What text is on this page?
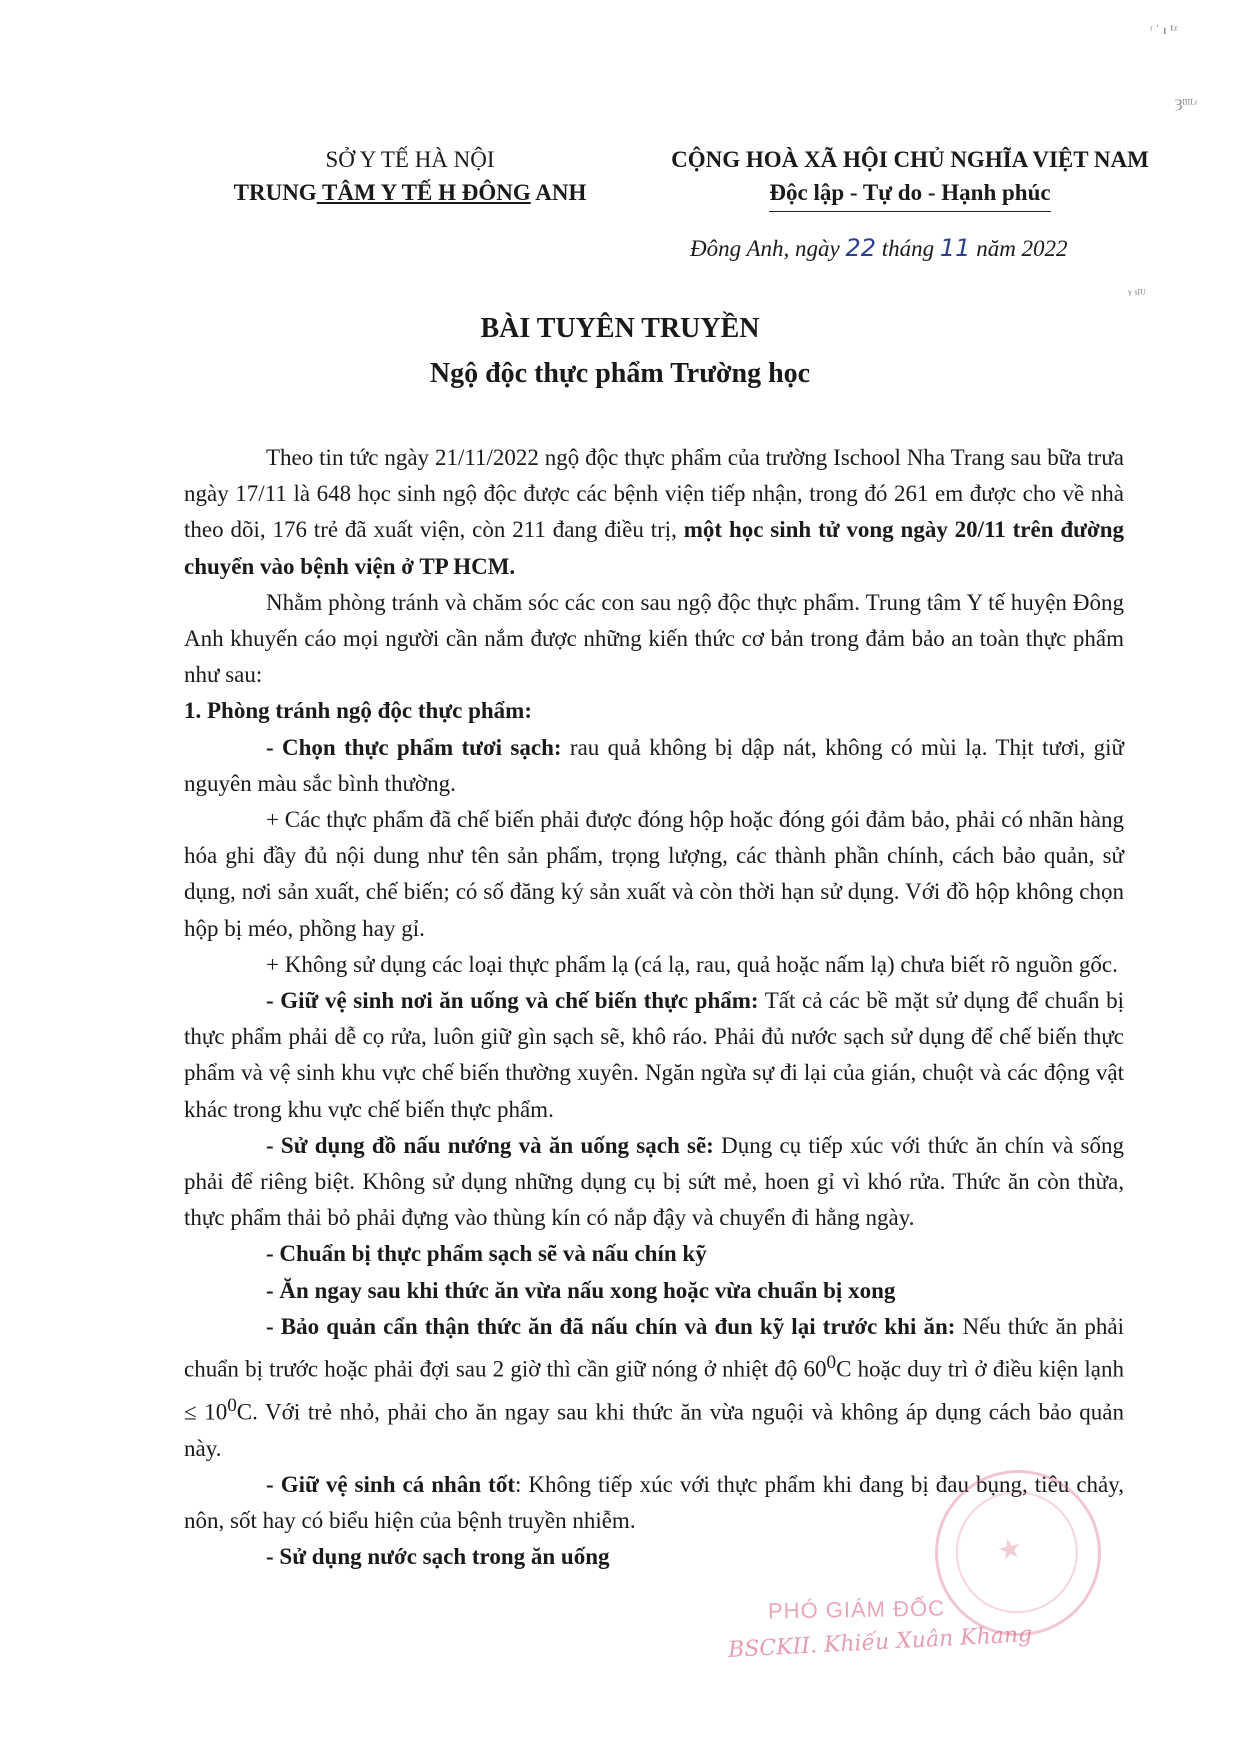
ᶦ ˈ ɪ ¹ᶻ
Ȝᴵᴵᴵᴸᶦ
ᵞ ˢᴵᵁ
SỞ Y TẾ HÀ NỘI
TRUNG TÂM Y TẾ H ĐÔNG ANH
CỘNG HOÀ XÃ HỘI CHỦ NGHĨA VIỆT NAM
Độc lập - Tự do - Hạnh phúc
Đông Anh, ngày 22 tháng 11 năm 2022
BÀI TUYÊN TRUYỀN
Ngộ độc thực phẩm Trường học

Theo tin tức ngày 21/11/2022 ngộ độc thực phẩm của trường Ischool Nha Trang sau bữa trưa ngày 17/11 là 648 học sinh ngộ độc được các bệnh viện tiếp nhận, trong đó 261 em được cho về nhà theo dõi, 176 trẻ đã xuất viện, còn 211 đang điều trị, một học sinh tử vong ngày 20/11 trên đường chuyển vào bệnh viện ở TP HCM.

Nhằm phòng tránh và chăm sóc các con sau ngộ độc thực phẩm. Trung tâm Y tế huyện Đông Anh khuyến cáo mọi người cần nắm được những kiến thức cơ bản trong đảm bảo an toàn thực phẩm như sau:

1. Phòng tránh ngộ độc thực phẩm:

- Chọn thực phẩm tươi sạch: rau quả không bị dập nát, không có mùi lạ. Thịt tươi, giữ nguyên màu sắc bình thường.

+ Các thực phẩm đã chế biến phải được đóng hộp hoặc đóng gói đảm bảo, phải có nhãn hàng hóa ghi đầy đủ nội dung như tên sản phẩm, trọng lượng, các thành phần chính, cách bảo quản, sử dụng, nơi sản xuất, chế biến; có số đăng ký sản xuất và còn thời hạn sử dụng. Với đồ hộp không chọn hộp bị méo, phồng hay gỉ.

+ Không sử dụng các loại thực phẩm lạ (cá lạ, rau, quả hoặc nấm lạ) chưa biết rõ nguồn gốc.

- Giữ vệ sinh nơi ăn uống và chế biến thực phẩm: Tất cả các bề mặt sử dụng để chuẩn bị thực phẩm phải dễ cọ rửa, luôn giữ gìn sạch sẽ, khô ráo. Phải đủ nước sạch sử dụng để chế biến thực phẩm và vệ sinh khu vực chế biến thường xuyên. Ngăn ngừa sự đi lại của gián, chuột và các động vật khác trong khu vực chế biến thực phẩm.

- Sử dụng đồ nấu nướng và ăn uống sạch sẽ: Dụng cụ tiếp xúc với thức ăn chín và sống phải để riêng biệt. Không sử dụng những dụng cụ bị sứt mẻ, hoen gỉ vì khó rửa. Thức ăn còn thừa, thực phẩm thải bỏ phải đựng vào thùng kín có nắp đậy và chuyển đi hằng ngày.

- Chuẩn bị thực phẩm sạch sẽ và nấu chín kỹ

- Ăn ngay sau khi thức ăn vừa nấu xong hoặc vừa chuẩn bị xong

- Bảo quản cẩn thận thức ăn đã nấu chín và đun kỹ lại trước khi ăn: Nếu thức ăn phải chuẩn bị trước hoặc phải đợi sau 2 giờ thì cần giữ nóng ở nhiệt độ $60^0C$ hoặc duy trì ở điều kiện lạnh ≤ $10^0C$. Với trẻ nhỏ, phải cho ăn ngay sau khi thức ăn vừa nguội và không áp dụng cách bảo quản này.

- Giữ vệ sinh cá nhân tốt: Không tiếp xúc với thực phẩm khi đang bị đau bụng, tiêu chảy, nôn, sốt hay có biểu hiện của bệnh truyền nhiễm.

- Sử dụng nước sạch trong ăn uống	★
PHÓ GIÁM ĐỐC
BSCKII. Khiếu Xuân Khang
